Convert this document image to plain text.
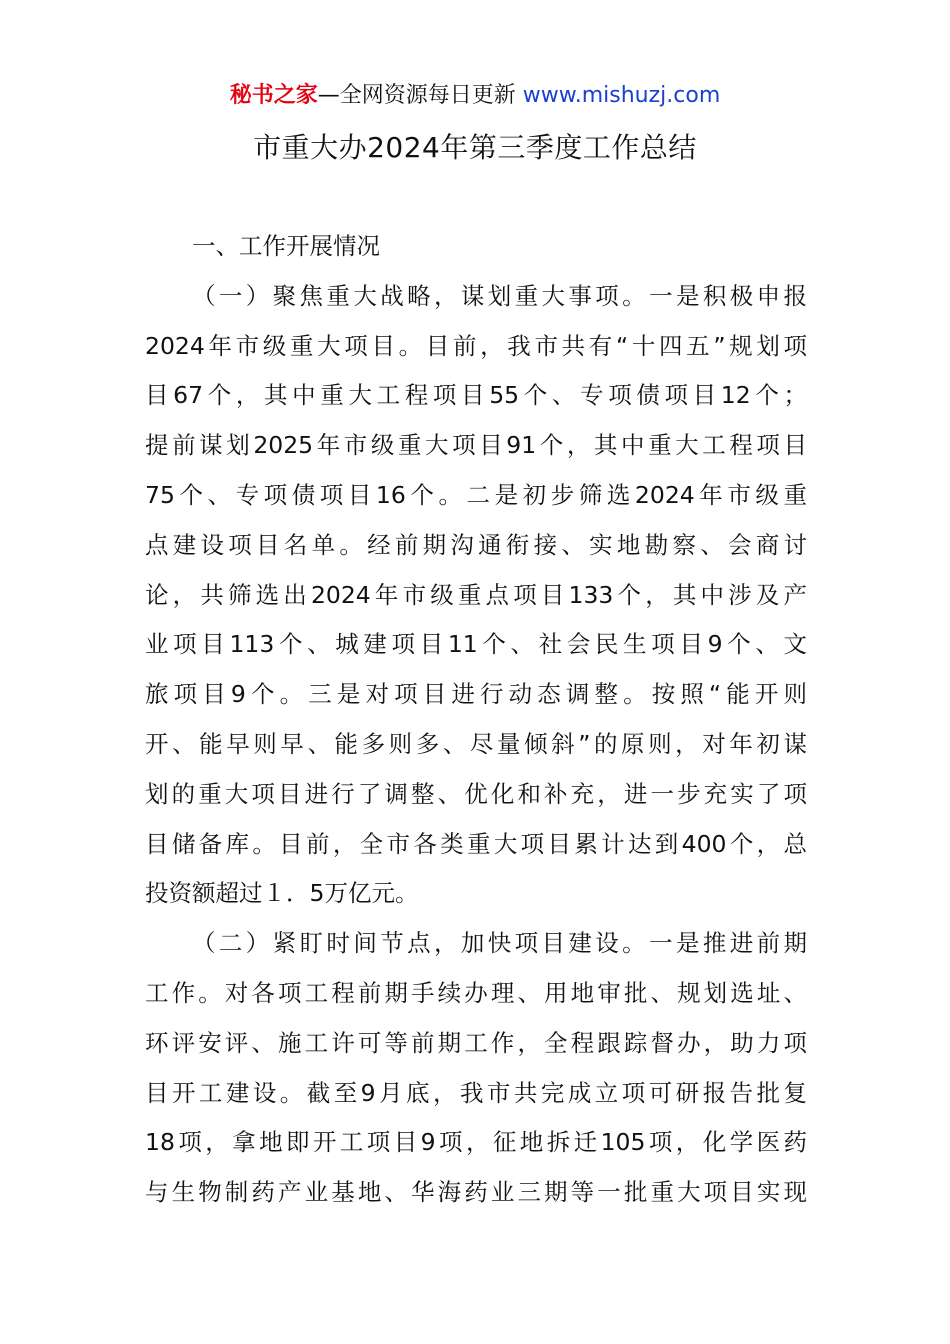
秘书之家—全网资源每日更新 www.mishuzj.com
市重大办2024年第三季度工作总结
一、工作开展情况
（一）聚焦重大战略，谋划重大事项。一是积极申报
2024年市级重大项目。目前，我市共有“十四五”规划项
目67个，其中重大工程项目55个、专项债项目12个；
提前谋划2025年市级重大项目91个，其中重大工程项目
75个、专项债项目16个。二是初步筛选2024年市级重
点建设项目名单。经前期沟通衔接、实地勘察、会商讨
论，共筛选出2024年市级重点项目133个，其中涉及产
业项目113个、城建项目11个、社会民生项目9个、文
旅项目9个。三是对项目进行动态调整。按照“能开则
开、能早则早、能多则多、尽量倾斜”的原则，对年初谋
划的重大项目进行了调整、优化和补充，进一步充实了项
目储备库。目前，全市各类重大项目累计达到400个，总
投资额超过１．5万亿元。
（二）紧盯时间节点，加快项目建设。一是推进前期
工作。对各项工程前期手续办理、用地审批、规划选址、
环评安评、施工许可等前期工作，全程跟踪督办，助力项
目开工建设。截至9月底，我市共完成立项可研报告批复
18项，拿地即开工项目9项，征地拆迁105项，化学医药
与生物制药产业基地、华海药业三期等一批重大项目实现
